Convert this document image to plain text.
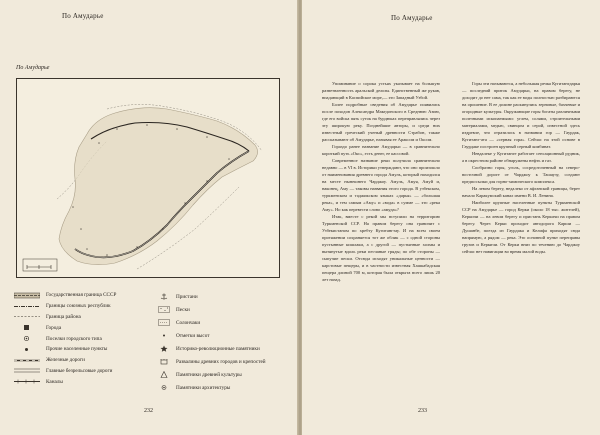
По Амударье
По Амударье
Государственная граница СССР
Границы союзных республик
Граница района
Города
Поселки городского типа
Прочие населенные пункты
Железные дороги
Главные безрельсовые дороги
Каналы
Пристани
Пески
Солончаки
Отметки высот
Историко-революционные памятники
Развалины древних городов и крепостей
Памятники древней культуры
Памятники архитектуры
232
По Амударье

Упоминание о сорока устьях указывает на большую разветвленность аральской дельты. Единственный же рукав, впадающий в Каспийское море,— это Западный Узбой.

Более подробные сведения об Амударье появились после походов Александра Македонского в Среднюю Азию, где его войска пять суток на бурдюках переправлялись через эту широкую реку. Позднейшие авторы, и среди них известный греческий ученый древности Страбон, также рассказывают об Амударье, называя ее Араксом и Оксом.

Гораздо ранее название Амударьи — в сравнительно короткий путь «Окс», есть денег, ее кассовой.

Современное название реки получила сравнительно недавно — в VI в. Историки утверждают, что оно произошло от наименования древнего города Амуль, который находился на месте нынешнего Чарджоу. Амуль, Амуя, Амуй и, наконец, Аму — таковы названия этого города. В узбекском, туркменском и таджикском языках «дарья» — «большая река», и тем самым «Аму» и «вода» в сумме — это «река Аму». Но как перевести слово «амуда»?

Итак, вместе с рекой мы вступили на территорию Туркменской ССР. На правом берегу она граничит с Узбекистаном по хребту Кугитангтау. И на всем своем протяжении сохраняется тот же облик — с одной стороны пустынные кишлаки, а с другой — пустынные холмы и вытянутые вдоль реки песчаные гряды; по обе стороны — сыпучие пески. Отсюда исходят уникальные ценности — карстовые пещеры, и в частности известная Хашкабадская пещера длиной 700 м, которая была открыта всего лишь 20 лет назад.

Горы эти называются, а небольшая речка Кугитангдарья — последний приток Амударьи, на правом берегу, не доходит до нее сама, так как ее воды полностью разбираются на орошение. В ее долине раскинулись зерновые, бахчевые и огородные культуры. Окружающие горы богаты различными полезными ископаемыми: углем, солями, строительными материалами, медью, свинцом и серой, известной здесь издревле, что отразилось в названии гор — Гаурдак, Кугитанг-ата — «серная гора». Сейчас на этой основе в Гаурдаке построен крупный серный комбинат.

Невдалеке у Кугитанге работает сенсационный рудник, а в окрестном районе обнаружены нефть и газ.

Сообразно горы, уголь, сосредоточенный на северо-восточной дороге от Чарджоу к Ташаузу, создают предпосылки для горно-химического комплекса.

На левом берегу, недалеко от афганской границы, берет начало Каракумский канал имени В. И. Ленина.

Наиболее крупные населенные пункты Туркменской ССР на Амударье — город Керки (около 18 тыс. жителей), Керкичи — на левом берегу и пристань Керкичи на правом берегу. Через Керки проходит автодорога Карши — Душанбе, поезда из Гаурдака и Келифа приходят сюда напрямую, а рядом — река. Это основной пункт переправы грузов и Керкичи. От Керки вниз по течению до Чарджоу сейчас нет навигации во время малой воды.

233
